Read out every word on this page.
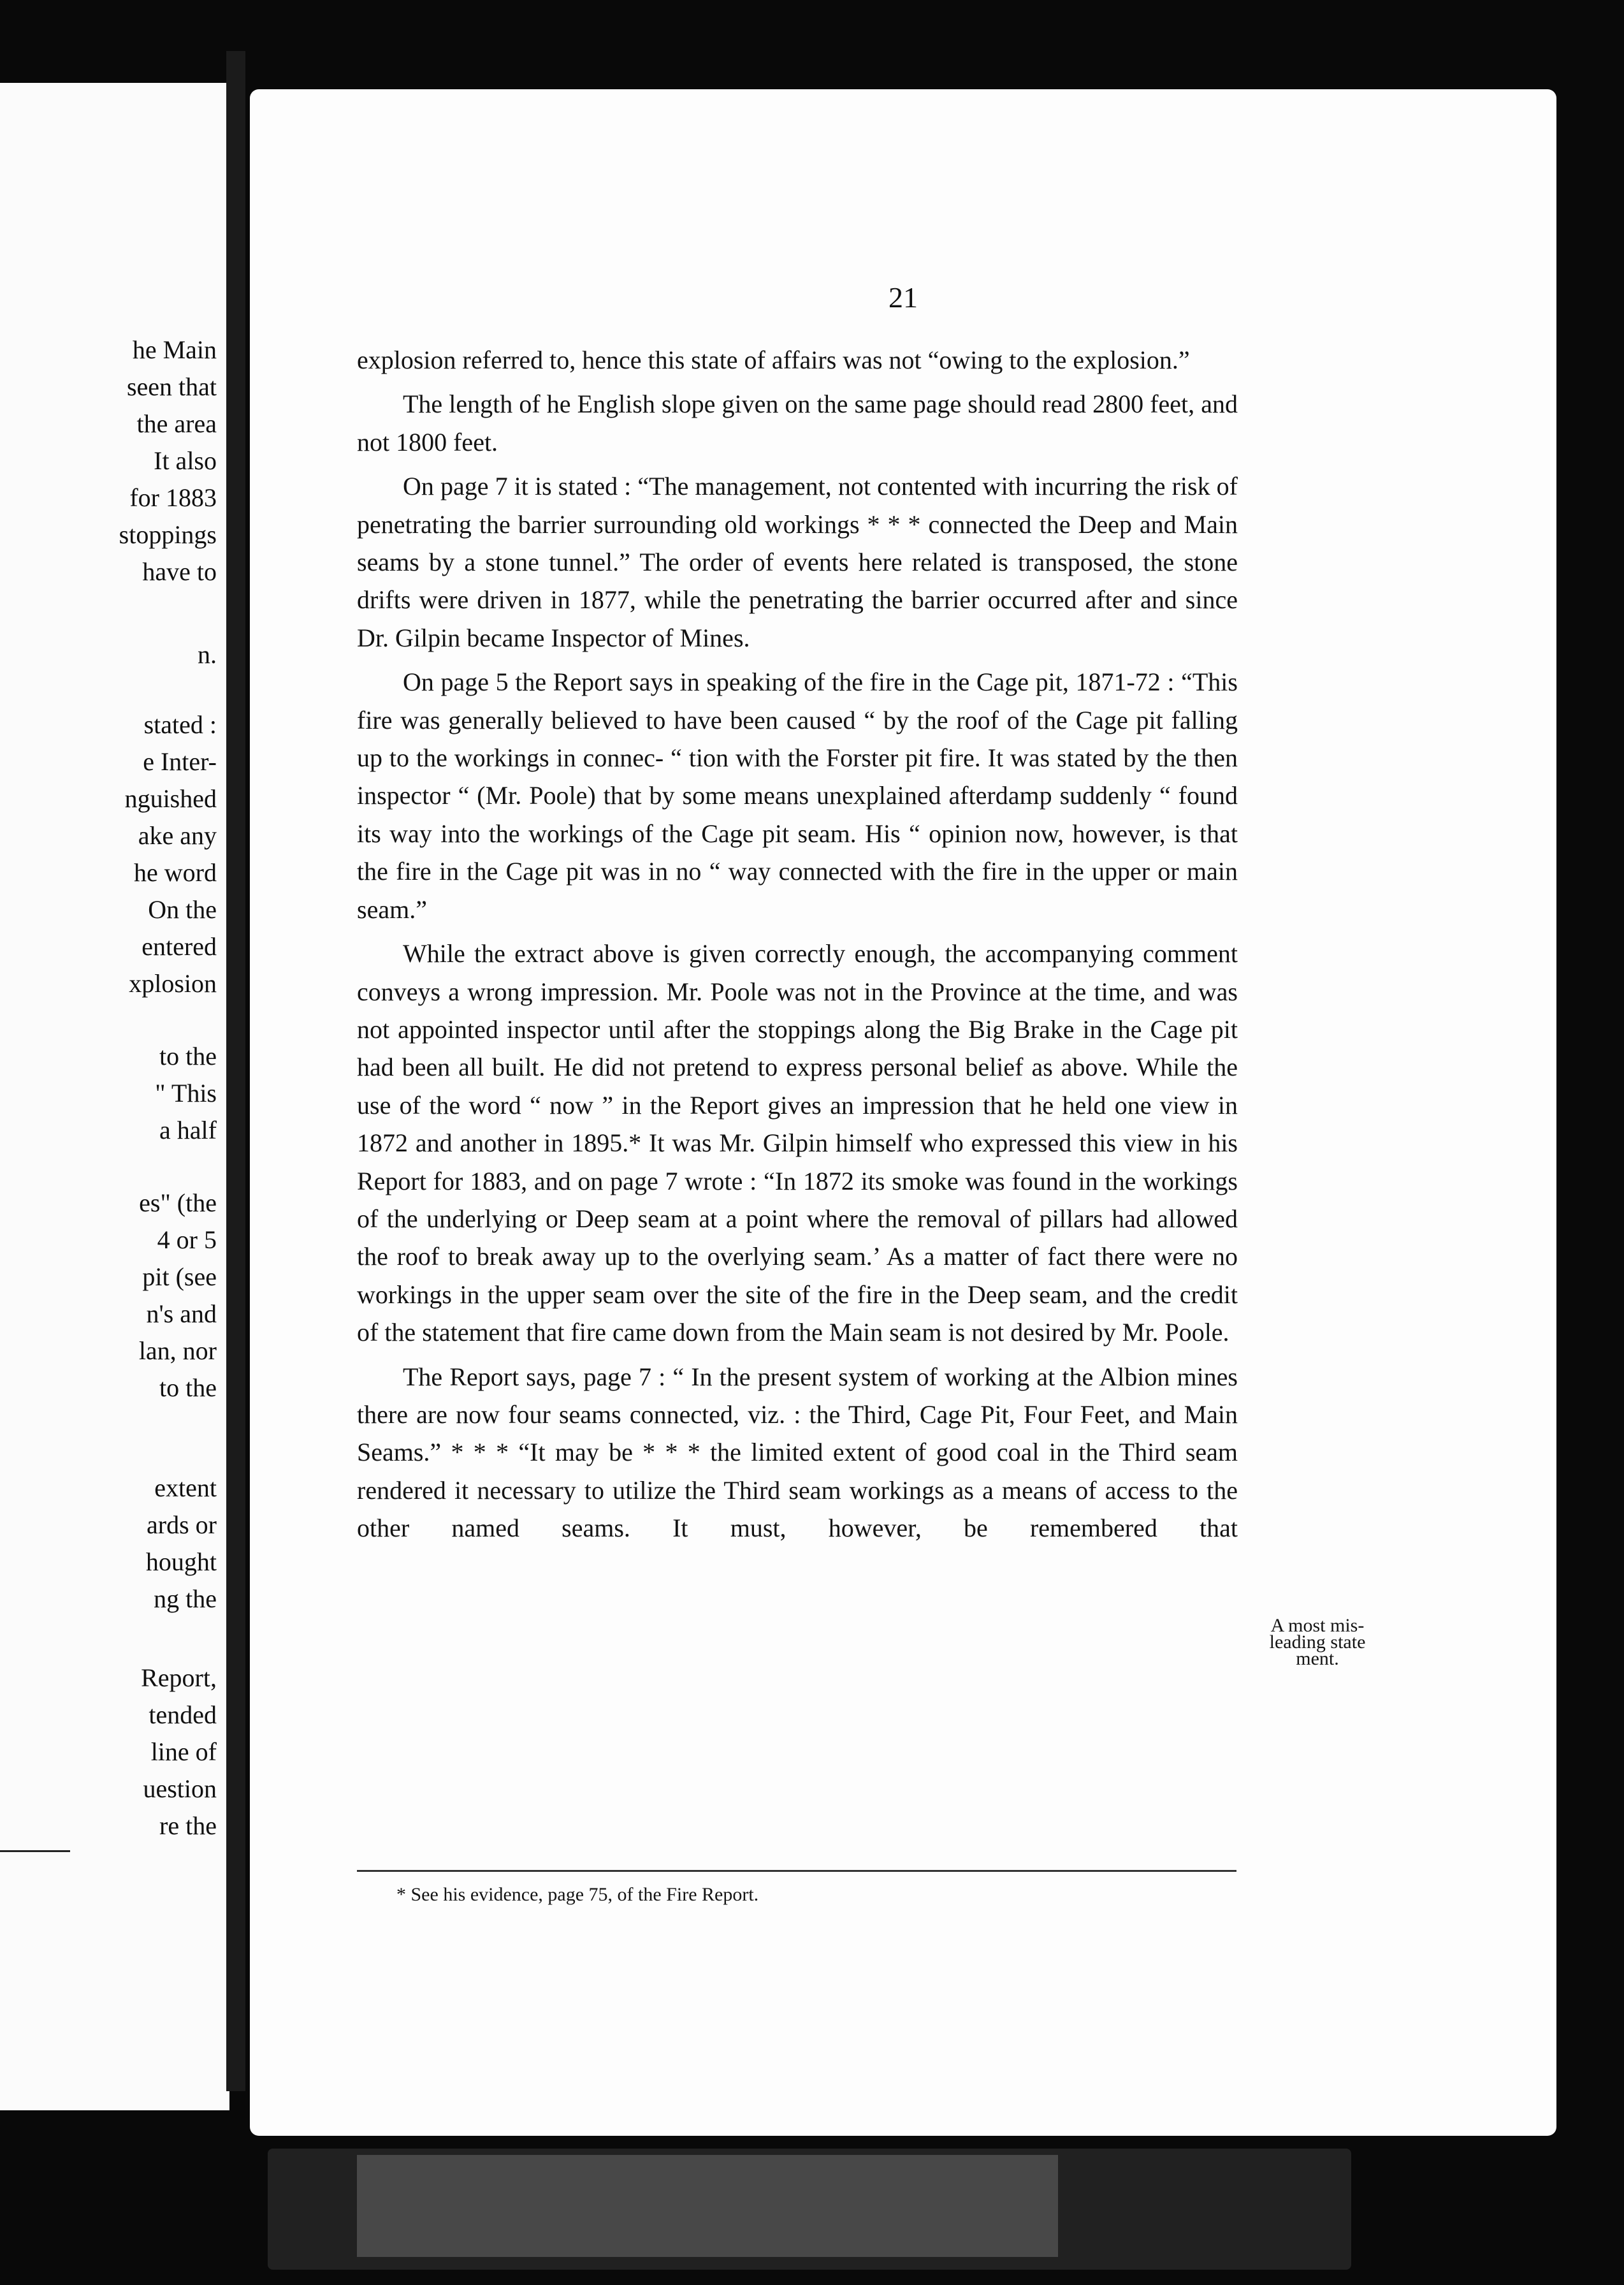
he Main
seen that
the area
It also
for 1883
stoppings
have to
n.
stated :
e Inter-
nguished
ake any
he word
On the
entered
xplosion
to the
" This
a half
es" (the
4 or 5
pit (see
n's and
lan, nor
to the
extent
ards or
hought
ng the
Report,
tended
line of
uestion
re the
21

explosion referred to, hence this state of affairs was not “owing to the explosion.”

The length of he English slope given on the same page should read 2800 feet, and not 1800 feet.

On page 7 it is stated : “The management, not contented with incurring the risk of penetrating the barrier surrounding old workings * * * connected the Deep and Main seams by a stone tunnel.” The order of events here related is transposed, the stone drifts were driven in 1877, while the penetrating the barrier occurred after and since Dr. Gilpin became Inspector of Mines.

On page 5 the Report says in speaking of the fire in the Cage pit, 1871-72 : “This fire was generally believed to have been caused “ by the roof of the Cage pit falling up to the workings in connec- “ tion with the Forster pit fire. It was stated by the then inspector “ (Mr. Poole) that by some means unexplained afterdamp suddenly “ found its way into the workings of the Cage pit seam. His “ opinion now, however, is that the fire in the Cage pit was in no “ way connected with the fire in the upper or main seam.”

While the extract above is given correctly enough, the accompanying comment conveys a wrong impression. Mr. Poole was not in the Province at the time, and was not appointed inspector until after the stoppings along the Big Brake in the Cage pit had been all built. He did not pretend to express personal belief as above. While the use of the word “ now ” in the Report gives an impression that he held one view in 1872 and another in 1895.* It was Mr. Gilpin himself who expressed this view in his Report for 1883, and on page 7 wrote : “In 1872 its smoke was found in the workings of the underlying or Deep seam at a point where the removal of pillars had allowed the roof to break away up to the overlying seam.’ As a matter of fact there were no workings in the upper seam over the site of the fire in the Deep seam, and the credit of the statement that fire came down from the Main seam is not desired by Mr. Poole.

The Report says, page 7 : “ In the present system of working at the Albion mines there are now four seams connected, viz. : the Third, Cage Pit, Four Feet, and Main Seams.” * * * “It may be * * * the limited extent of good coal in the Third seam rendered it necessary to utilize the Third seam workings as a means of access to the other named seams. It must, however, be remembered that

A most mis-
leading state
ment.
* See his evidence, page 75, of the Fire Report.
